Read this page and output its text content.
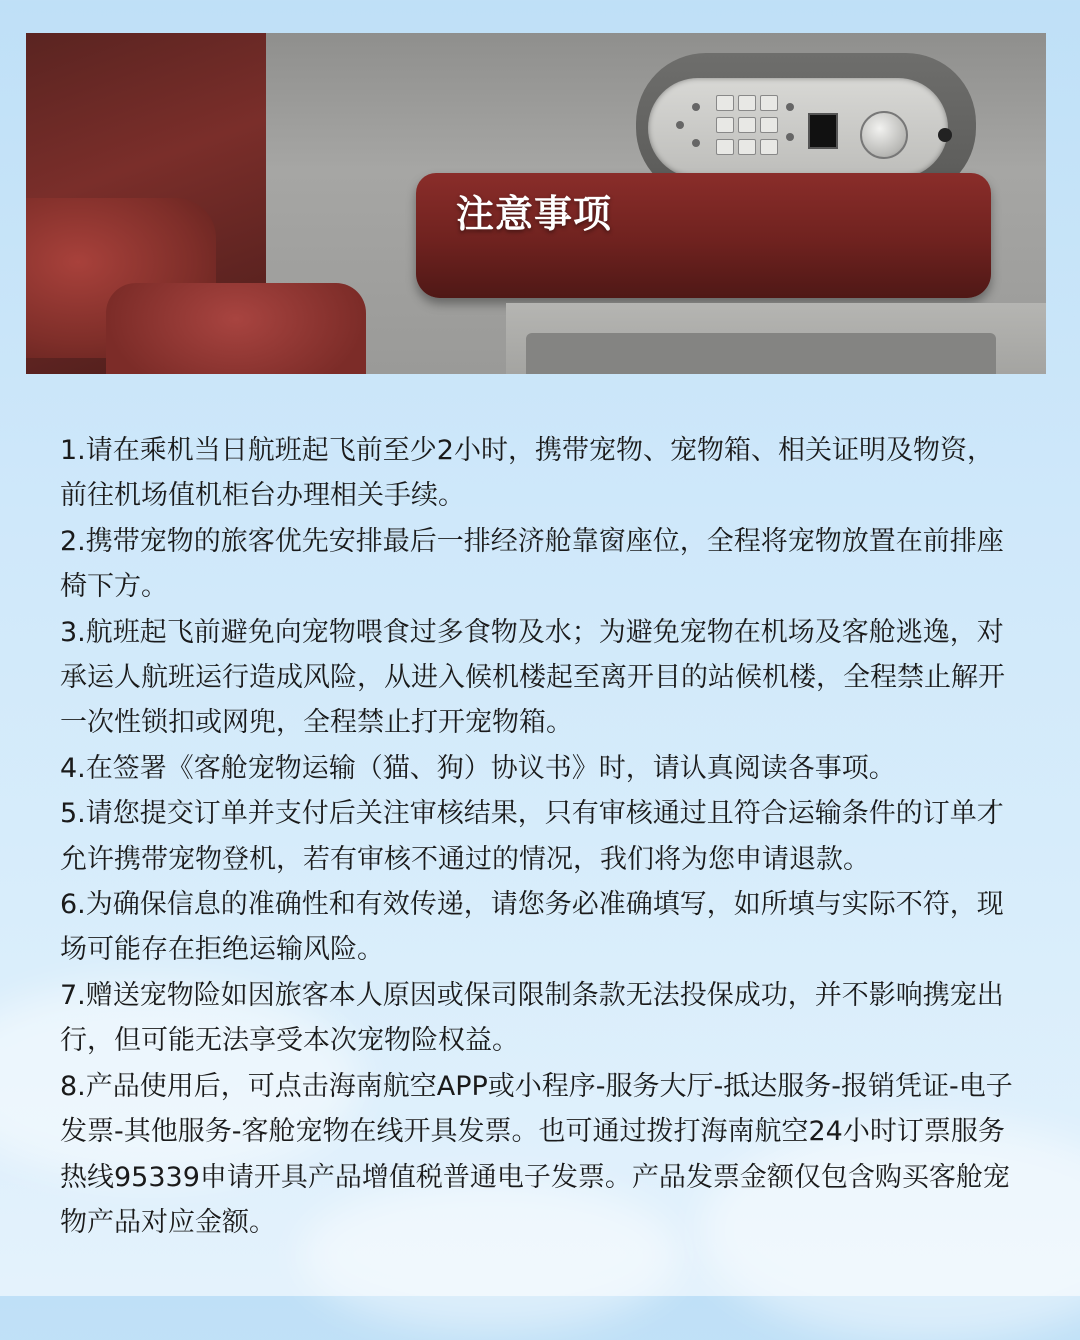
注意事项
1.请在乘机当日航班起飞前至少2小时，携带宠物、宠物箱、相关证明及物资，前往机场值机柜台办理相关手续。
2.携带宠物的旅客优先安排最后一排经济舱靠窗座位，全程将宠物放置在前排座椅下方。
3.航班起飞前避免向宠物喂食过多食物及水；为避免宠物在机场及客舱逃逸，对承运人航班运行造成风险，从进入候机楼起至离开目的站候机楼，全程禁止解开一次性锁扣或网兜，全程禁止打开宠物箱。
4.在签署《客舱宠物运输（猫、狗）协议书》时，请认真阅读各事项。
5.请您提交订单并支付后关注审核结果，只有审核通过且符合运输条件的订单才允许携带宠物登机，若有审核不通过的情况，我们将为您申请退款。
6.为确保信息的准确性和有效传递，请您务必准确填写，如所填与实际不符，现场可能存在拒绝运输风险。
7.赠送宠物险如因旅客本人原因或保司限制条款无法投保成功，并不影响携宠出行，但可能无法享受本次宠物险权益。
8.产品使用后，可点击海南航空APP或小程序-服务大厅-抵达服务-报销凭证-电子发票-其他服务-客舱宠物在线开具发票。也可通过拨打海南航空24小时订票服务热线95339申请开具产品增值税普通电子发票。产品发票金额仅包含购买客舱宠物产品对应金额。
